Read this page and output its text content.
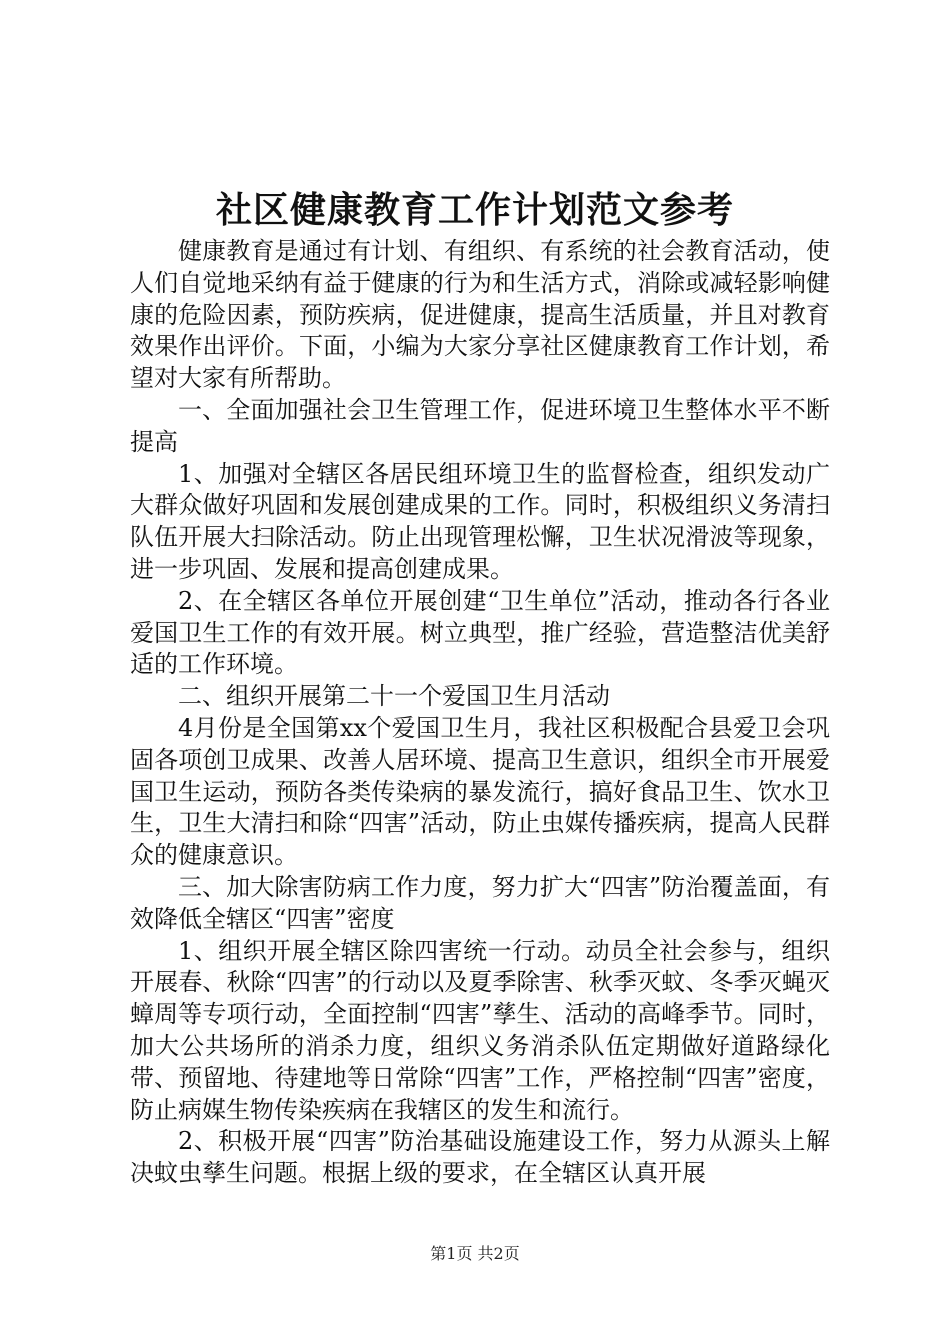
社区健康教育工作计划范文参考

健康教育是通过有计划、有组织、有系统的社会教育活动，使人们自觉地采纳有益于健康的行为和生活方式，消除或减轻影响健康的危险因素，预防疾病，促进健康，提高生活质量，并且对教育效果作出评价。下面，小编为大家分享社区健康教育工作计划，希望对大家有所帮助。

一、全面加强社会卫生管理工作，促进环境卫生整体水平不断提高

1、加强对全辖区各居民组环境卫生的监督检查，组织发动广大群众做好巩固和发展创建成果的工作。同时，积极组织义务清扫队伍开展大扫除活动。防止出现管理松懈，卫生状况滑波等现象，进一步巩固、发展和提高创建成果。

2、在全辖区各单位开展创建“卫生单位”活动，推动各行各业爱国卫生工作的有效开展。树立典型，推广经验，营造整洁优美舒适的工作环境。

二、组织开展第二十一个爱国卫生月活动

4月份是全国第xx个爱国卫生月，我社区积极配合县爱卫会巩固各项创卫成果、改善人居环境、提高卫生意识，组织全市开展爱国卫生运动，预防各类传染病的暴发流行，搞好食品卫生、饮水卫生，卫生大清扫和除“四害”活动，防止虫媒传播疾病，提高人民群众的健康意识。

三、加大除害防病工作力度，努力扩大“四害”防治覆盖面，有效降低全辖区“四害”密度

1、组织开展全辖区除四害统一行动。动员全社会参与，组织开展春、秋除“四害”的行动以及夏季除害、秋季灭蚊、冬季灭蝇灭蟑周等专项行动，全面控制“四害”孳生、活动的高峰季节。同时，加大公共场所的消杀力度，组织义务消杀队伍定期做好道路绿化带、预留地、待建地等日常除“四害”工作，严格控制“四害”密度，防止病媒生物传染疾病在我辖区的发生和流行。

2、积极开展“四害”防治基础设施建设工作，努力从源头上解决蚊虫孳生问题。根据上级的要求，在全辖区认真开展

第1页 共2页
